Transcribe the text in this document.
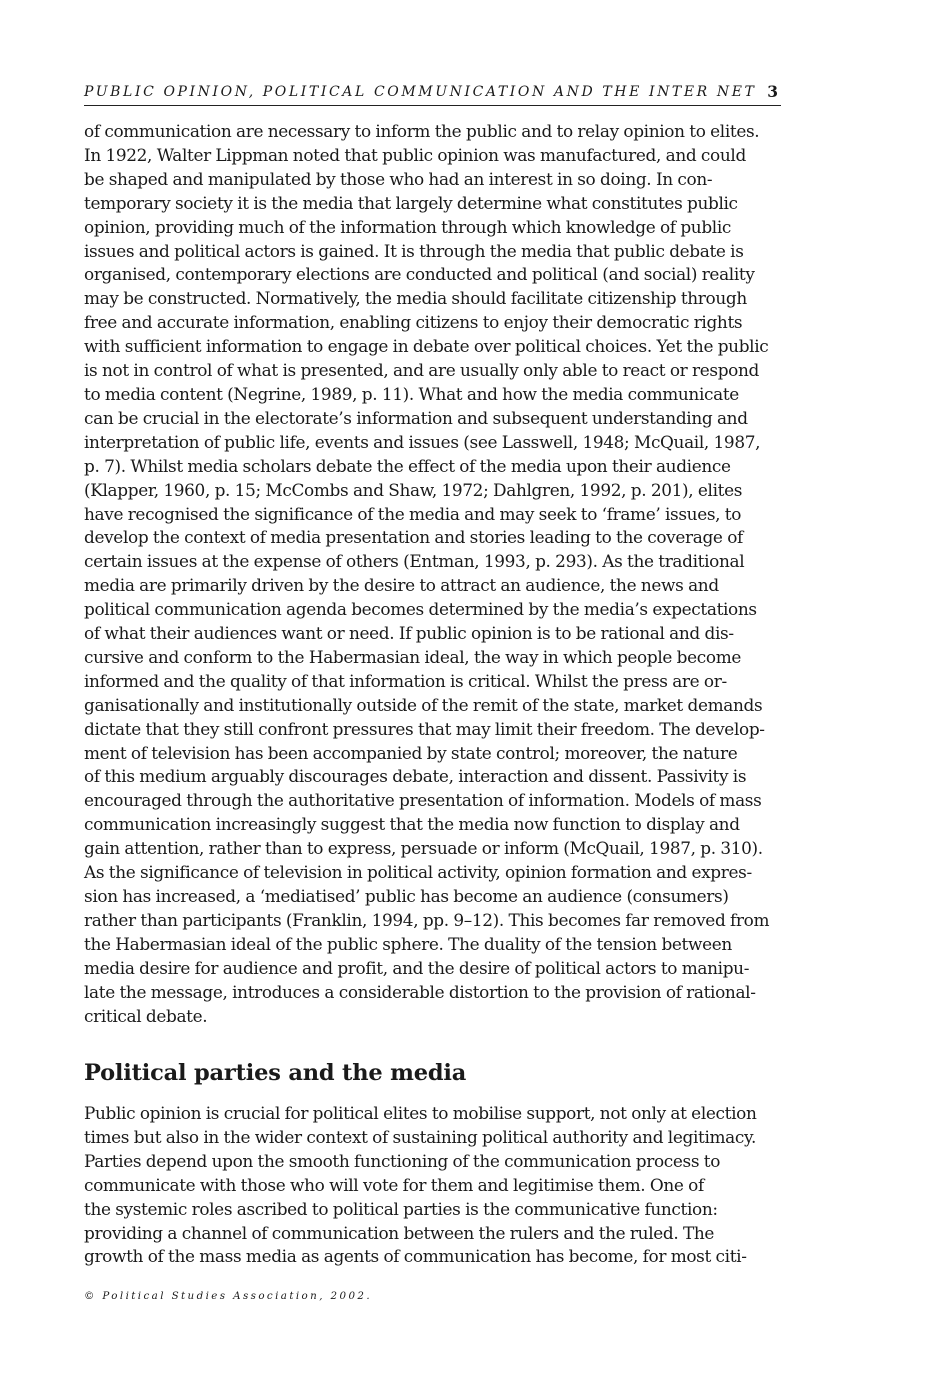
PUBLIC OPINION, POLITICAL COMMUNICATION AND THE INTER NET 3
of communication are necessary to inform the public and to relay opinion to elites.
In 1922, Walter Lippman noted that public opinion was manufactured, and could
be shaped and manipulated by those who had an interest in so doing. In con-
temporary society it is the media that largely determine what constitutes public
opinion, providing much of the information through which knowledge of public
issues and political actors is gained. It is through the media that public debate is
organised, contemporary elections are conducted and political (and social) reality
may be constructed. Normatively, the media should facilitate citizenship through
free and accurate information, enabling citizens to enjoy their democratic rights
with sufficient information to engage in debate over political choices. Yet the public
is not in control of what is presented, and are usually only able to react or respond
to media content (Negrine, 1989, p. 11). What and how the media communicate
can be crucial in the electorate’s information and subsequent understanding and
interpretation of public life, events and issues (see Lasswell, 1948; McQuail, 1987,
p. 7). Whilst media scholars debate the effect of the media upon their audience
(Klapper, 1960, p. 15; McCombs and Shaw, 1972; Dahlgren, 1992, p. 201), elites
have recognised the significance of the media and may seek to ‘frame’ issues, to
develop the context of media presentation and stories leading to the coverage of
certain issues at the expense of others (Entman, 1993, p. 293). As the traditional
media are primarily driven by the desire to attract an audience, the news and
political communication agenda becomes determined by the media’s expectations
of what their audiences want or need. If public opinion is to be rational and dis-
cursive and conform to the Habermasian ideal, the way in which people become
informed and the quality of that information is critical. Whilst the press are or-
ganisationally and institutionally outside of the remit of the state, market demands
dictate that they still confront pressures that may limit their freedom. The develop-
ment of television has been accompanied by state control; moreover, the nature
of this medium arguably discourages debate, interaction and dissent. Passivity is
encouraged through the authoritative presentation of information. Models of mass
communication increasingly suggest that the media now function to display and
gain attention, rather than to express, persuade or inform (McQuail, 1987, p. 310).
As the significance of television in political activity, opinion formation and expres-
sion has increased, a ‘mediatised’ public has become an audience (consumers)
rather than participants (Franklin, 1994, pp. 9–12). This becomes far removed from
the Habermasian ideal of the public sphere. The duality of the tension between
media desire for audience and profit, and the desire of political actors to manipu-
late the message, introduces a considerable distortion to the provision of rational-
critical debate.
Political parties and the media
Public opinion is crucial for political elites to mobilise support, not only at election
times but also in the wider context of sustaining political authority and legitimacy.
Parties depend upon the smooth functioning of the communication process to
communicate with those who will vote for them and legitimise them. One of
the systemic roles ascribed to political parties is the communicative function:
providing a channel of communication between the rulers and the ruled. The
growth of the mass media as agents of communication has become, for most citi-
© Political Studies Association, 2002.
